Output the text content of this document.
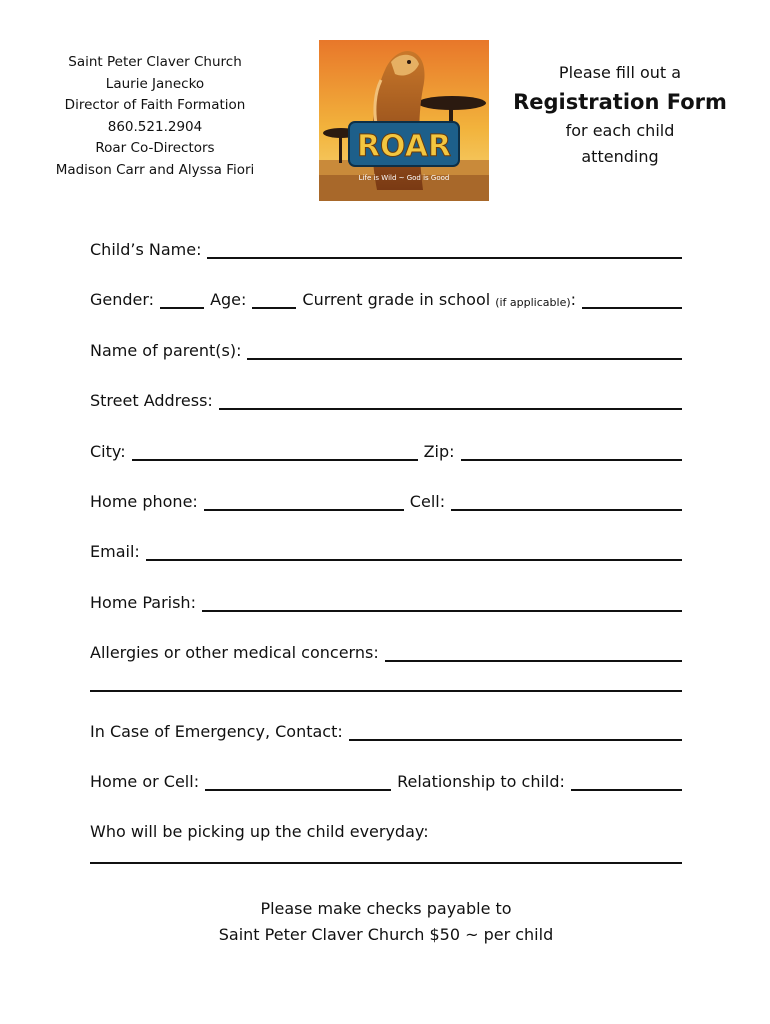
Saint Peter Claver Church
Laurie Janecko
Director of Faith Formation
860.521.2904
Roar Co-Directors
Madison Carr and Alyssa Fiori
ROAR
Life is Wild ~ God is Good
Please fill out a
Registration Form
for each child
attending
Child’s Name:
Gender:	Age:	Current grade in school (if applicable) :
Name of parent(s):
Street Address:
City:	Zip:
Home phone:	Cell:
Email:
Home Parish:
Allergies or other medical concerns:
In Case of Emergency, Contact:
Home or Cell:	Relationship to child:
Who will be picking up the child everyday:
Please make checks payable to
Saint Peter Claver Church $50 ~ per child
